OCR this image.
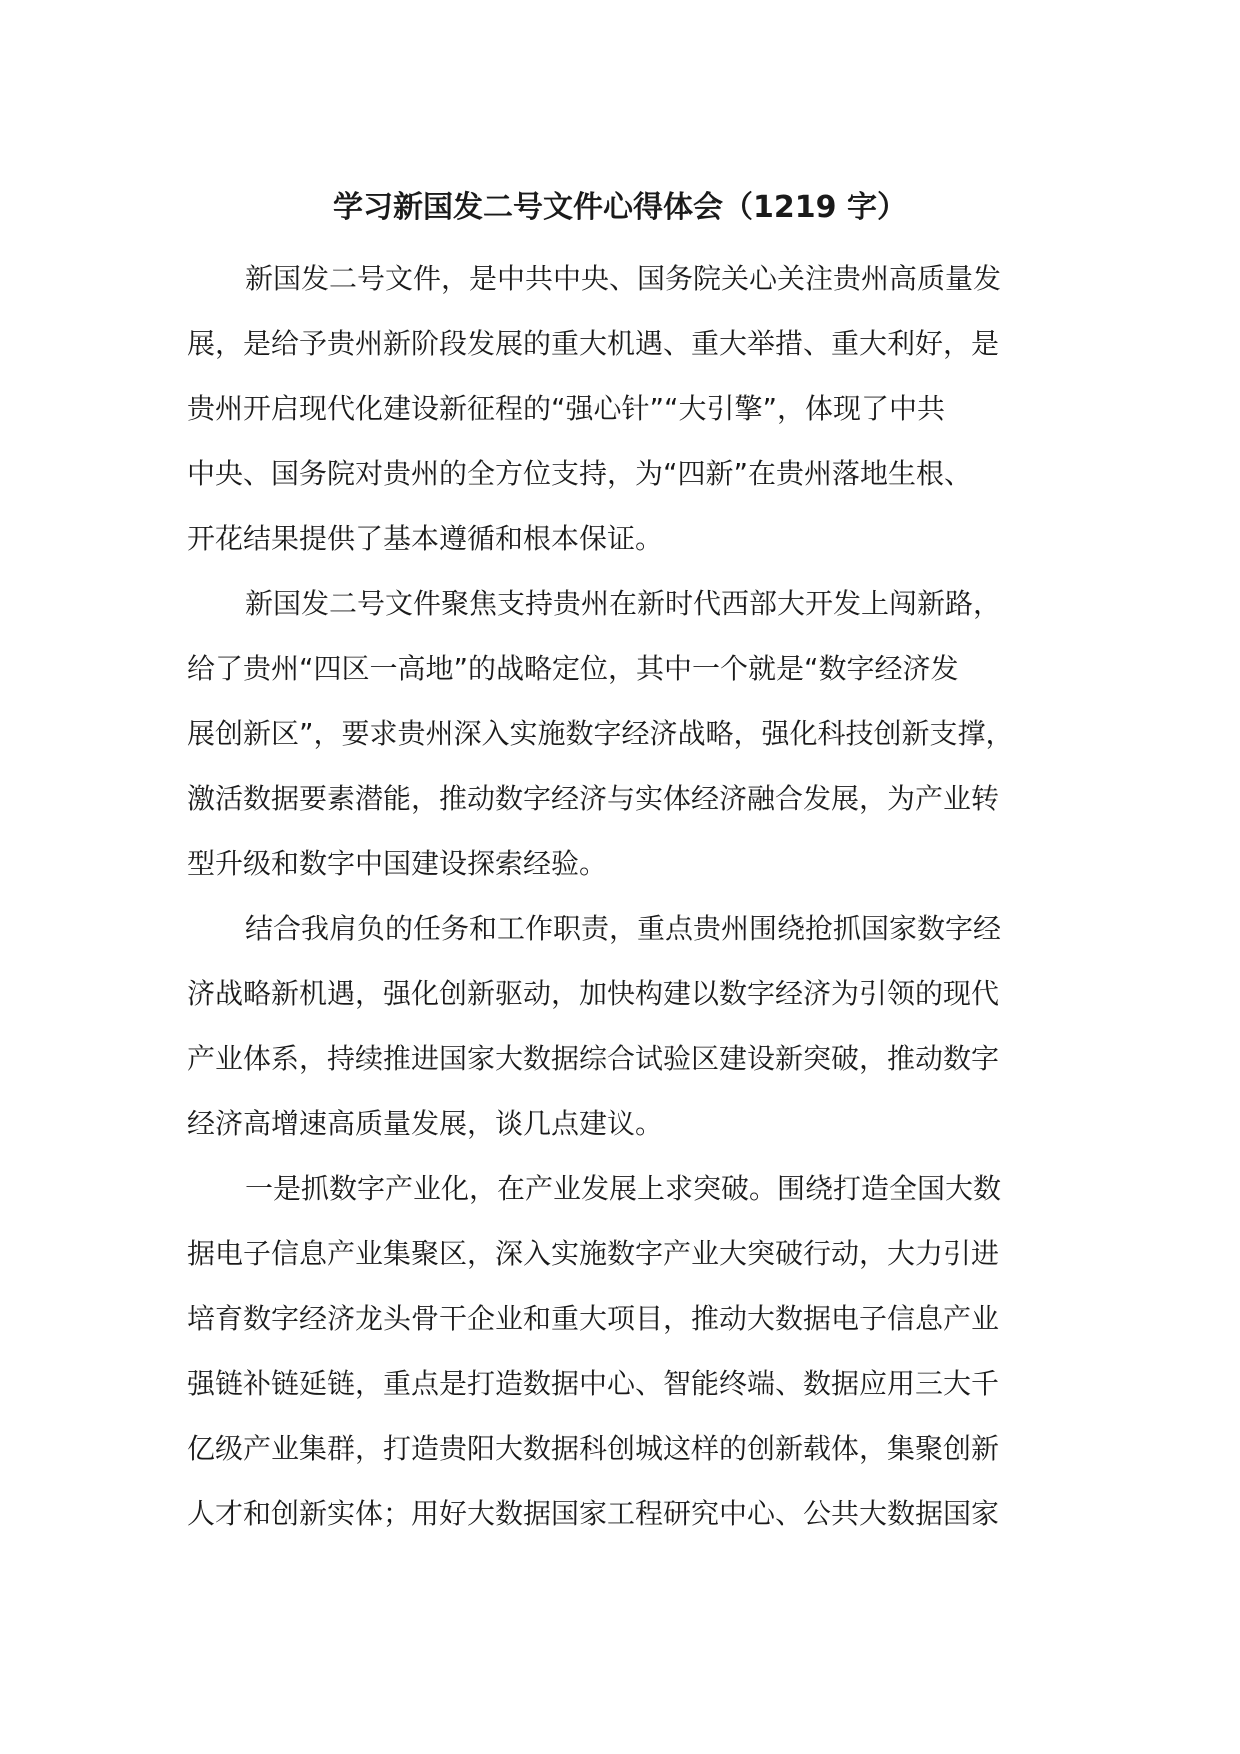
学习新国发二号文件心得体会（1219 字）
新国发二号文件，是中共中央、国务院关心关注贵州高质量发
展，是给予贵州新阶段发展的重大机遇、重大举措、重大利好，是
贵州开启现代化建设新征程的“强心针”“大引擎”，体现了中共
中央、国务院对贵州的全方位支持，为“四新”在贵州落地生根、
开花结果提供了基本遵循和根本保证。
新国发二号文件聚焦支持贵州在新时代西部大开发上闯新路，
给了贵州“四区一高地”的战略定位，其中一个就是“数字经济发
展创新区”，要求贵州深入实施数字经济战略，强化科技创新支撑，
激活数据要素潜能，推动数字经济与实体经济融合发展，为产业转
型升级和数字中国建设探索经验。
结合我肩负的任务和工作职责，重点贵州围绕抢抓国家数字经
济战略新机遇，强化创新驱动，加快构建以数字经济为引领的现代
产业体系，持续推进国家大数据综合试验区建设新突破，推动数字
经济高增速高质量发展，谈几点建议。
一是抓数字产业化，在产业发展上求突破。围绕打造全国大数
据电子信息产业集聚区，深入实施数字产业大突破行动，大力引进
培育数字经济龙头骨干企业和重大项目，推动大数据电子信息产业
强链补链延链，重点是打造数据中心、智能终端、数据应用三大千
亿级产业集群，打造贵阳大数据科创城这样的创新载体，集聚创新
人才和创新实体；用好大数据国家工程研究中心、公共大数据国家
